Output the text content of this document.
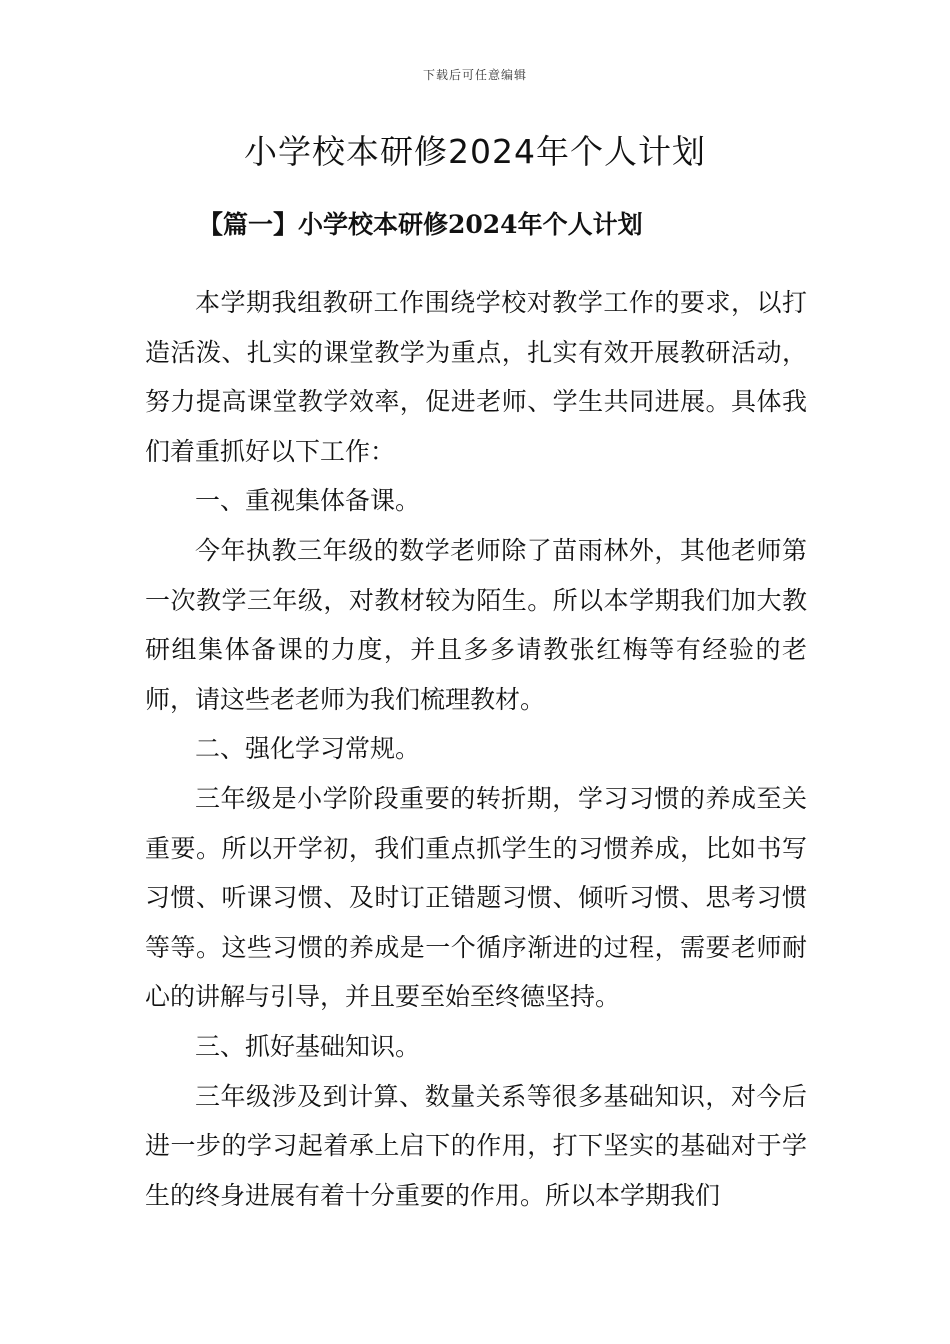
下载后可任意编辑
小学校本研修2024年个人计划
【篇一】小学校本研修2024年个人计划

本学期我组教研工作围绕学校对教学工作的要求，以打造活泼、扎实的课堂教学为重点，扎实有效开展教研活动，努力提高课堂教学效率，促进老师、学生共同进展。具体我们着重抓好以下工作：

一、重视集体备课。

今年执教三年级的数学老师除了苗雨林外，其他老师第一次教学三年级，对教材较为陌生。所以本学期我们加大教研组集体备课的力度，并且多多请教张红梅等有经验的老师，请这些老老师为我们梳理教材。

二、强化学习常规。

三年级是小学阶段重要的转折期，学习习惯的养成至关重要。所以开学初，我们重点抓学生的习惯养成，比如书写习惯、听课习惯、及时订正错题习惯、倾听习惯、思考习惯等等。这些习惯的养成是一个循序渐进的过程，需要老师耐心的讲解与引导，并且要至始至终德坚持。

三、抓好基础知识。

三年级涉及到计算、数量关系等很多基础知识，对今后进一步的学习起着承上启下的作用，打下坚实的基础对于学生的终身进展有着十分重要的作用。所以本学期我们
